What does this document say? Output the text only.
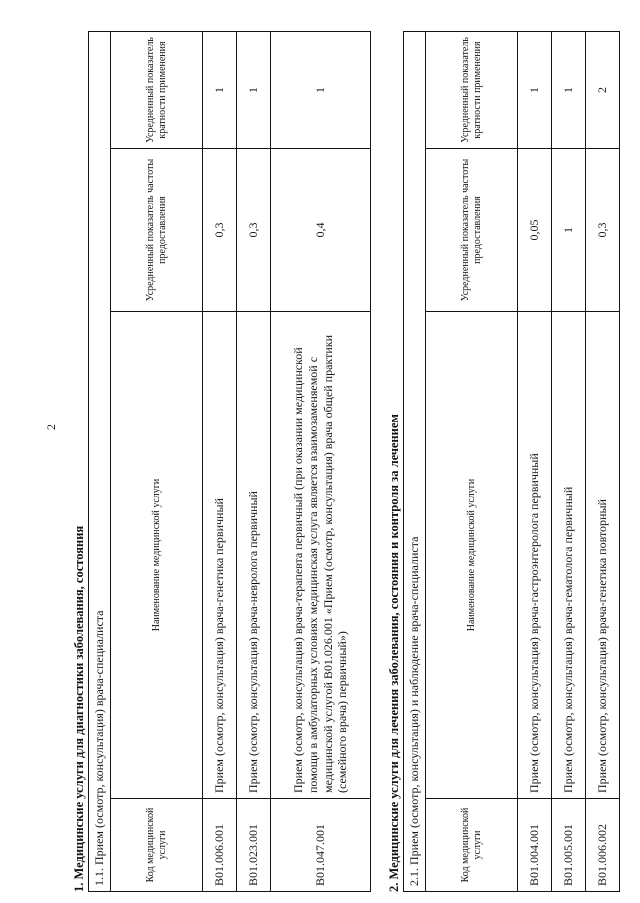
2
1. Медицинские услуги для диагностики заболевания, состояния 1.1. Прием (осмотр, консультация) врача-специалиста			
Код медицинской услуги	Наименование медицинской услуги	Усредненный показатель частоты предоставления	Усредненный показатель кратности применения
В01.006.001	Прием (осмотр, консультация) врача-генетика первичный	0,3	1
В01.023.001	Прием (осмотр, консультация) врача-невролога первичный	0,3	1
В01.047.001	Прием (осмотр, консультация) врача-терапевта первичный (при оказании медицинской помощи в амбулаторных условиях медицинская услуга является взаимозаменяемой с медицинской услугой В01.026.001 «Прием (осмотр, консультация) врача общей практики (семейного врача) первичный»)	0,4	1
2. Медицинские услуги для лечения заболевания, состояния и контроля за лечением 2.1. Прием (осмотр, консультация) и наблюдение врача-специалиста			
Код медицинской услуги	Наименование медицинской услуги	Усредненный показатель частоты предоставления	Усредненный показатель кратности применения
В01.004.001	Прием (осмотр, консультация) врача-гастроэнтеролога первичный	0,05	1
В01.005.001	Прием (осмотр, консультация) врача-гематолога первичный	1	1
В01.006.002	Прием (осмотр, консультация) врача-генетика повторный	0,3	2
